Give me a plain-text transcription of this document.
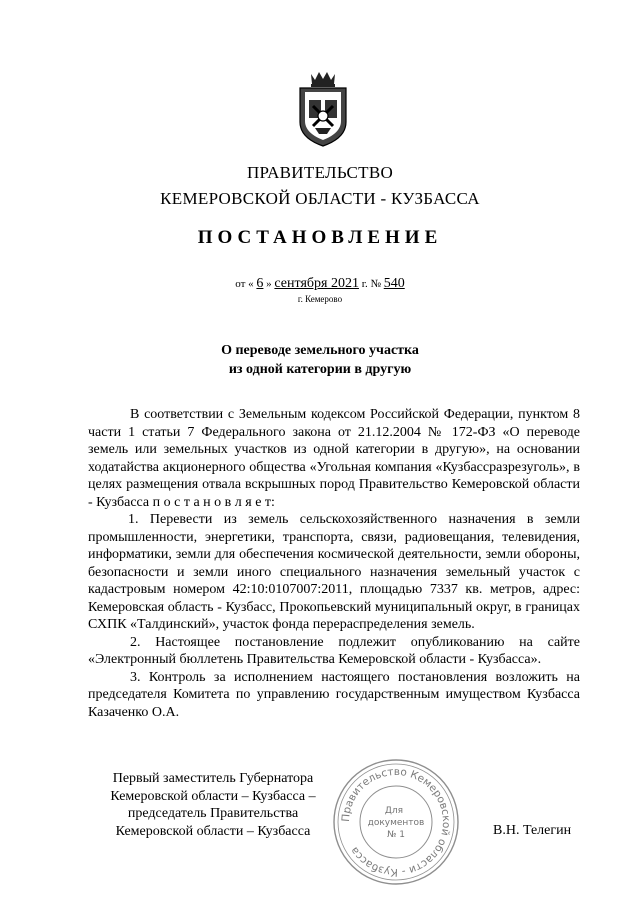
ПРАВИТЕЛЬСТВО
КЕМЕРОВСКОЙ ОБЛАСТИ - КУЗБАССА
ПОСТАНОВЛЕНИЕ
от « 6 » сентября 2021 г. № 540
г. Кемерово
О переводе земельного участка
из одной категории в другую

В соответствии с Земельным кодексом Российской Федерации, пунктом 8 части 1 статьи 7 Федерального закона от 21.12.2004 № 172-ФЗ «О переводе земель или земельных участков из одной категории в другую», на основании ходатайства акционерного общества «Угольная компания «Кузбассразрезуголь», в целях размещения отвала вскрышных пород Правительство Кемеровской области - Кузбасса п о с т а н о в л я е т:

1. Перевести из земель сельскохозяйственного назначения в земли промышленности, энергетики, транспорта, связи, радиовещания, телевидения, информатики, земли для обеспечения космической деятельности, земли обороны, безопасности и земли иного специального назначения земельный участок с кадастровым номером 42:10:0107007:2011, площадью 7337 кв. метров, адрес: Кемеровская область - Кузбасс, Прокопьевский муниципальный округ, в границах СХПК «Талдинский», участок фонда перераспределения земель.

2. Настоящее постановление подлежит опубликованию на сайте «Электронный бюллетень Правительства Кемеровской области - Кузбасса».

3. Контроль за исполнением настоящего постановления возложить на председателя Комитета по управлению государственным имуществом Кузбасса Казаченко О.А.

Первый заместитель Губернатора
Кемеровской области – Кузбасса –
председатель Правительства
Кемеровской области – Кузбасса
Правительство Кемеровской области - Кузбасса
Для
документов
№ 1	В.Н. Телегин
